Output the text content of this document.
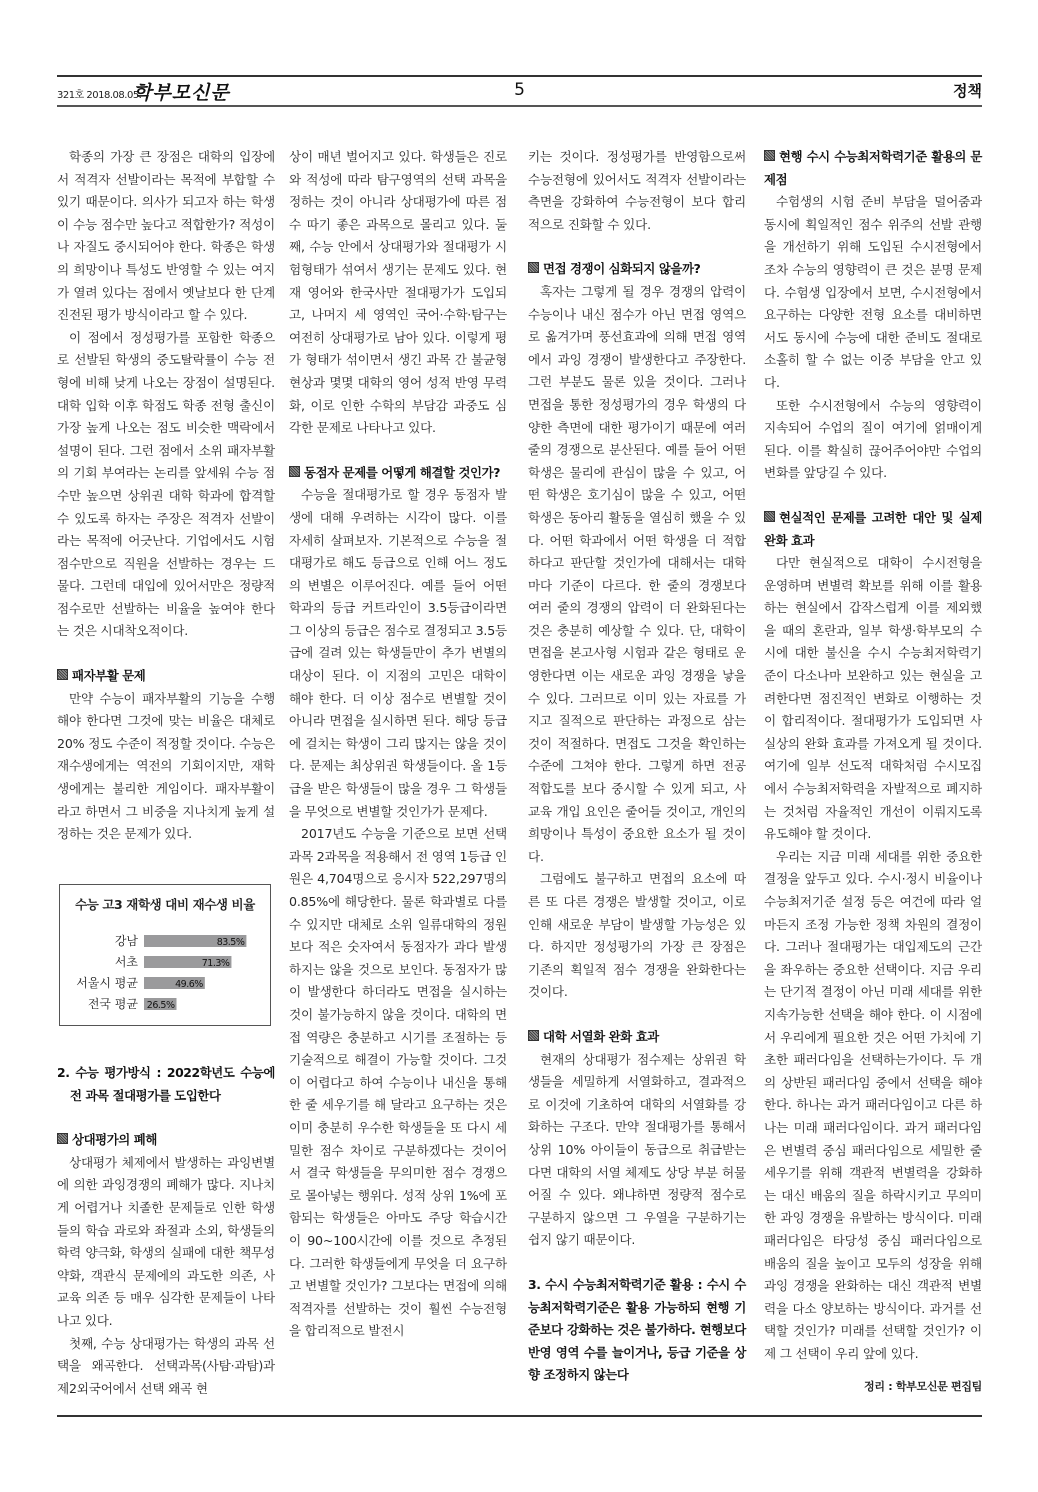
321호 2018.08.05.
학부모신문	5	정책

학종의 가장 큰 장점은 대학의 입장에서 적격자 선발이라는 목적에 부합할 수 있기 때문이다. 의사가 되고자 하는 학생이 수능 점수만 높다고 적합한가? 적성이나 자질도 중시되어야 한다. 학종은 학생의 희망이나 특성도 반영할 수 있는 여지가 열려 있다는 점에서 옛날보다 한 단계 진전된 평가 방식이라고 할 수 있다.

이 점에서 정성평가를 포함한 학종으로 선발된 학생의 중도탈락률이 수능 전형에 비해 낮게 나오는 장점이 설명된다. 대학 입학 이후 학점도 학종 전형 출신이 가장 높게 나오는 점도 비슷한 맥락에서 설명이 된다. 그런 점에서 소위 패자부활의 기회 부여라는 논리를 앞세워 수능 점수만 높으면 상위권 대학 학과에 합격할 수 있도록 하자는 주장은 적격자 선발이라는 목적에 어긋난다. 기업에서도 시험 점수만으로 직원을 선발하는 경우는 드물다. 그런데 대입에 있어서만은 정량적 점수로만 선발하는 비율을 높여야 한다는 것은 시대착오적이다.

패자부활 문제

만약 수능이 패자부활의 기능을 수행해야 한다면 그것에 맞는 비율은 대체로 20% 정도 수준이 적정할 것이다. 수능은 재수생에게는 역전의 기회이지만, 재학생에게는 불리한 게임이다. 패자부활이라고 하면서 그 비중을 지나치게 높게 설정하는 것은 문제가 있다.

강남	83.5%
서초	71.3%
서울시 평균	49.6%
전국 평균 26.5%
수능 고3 재학생 대비 재수생 비율

2. 수능 평가방식 : 2022학년도 수능에 전 과목 절대평가를 도입한다

상대평가의 폐해

상대평가 체제에서 발생하는 과잉변별에 의한 과잉경쟁의 폐해가 많다. 지나치게 어렵거나 치졸한 문제들로 인한 학생들의 학습 과로와 좌절과 소외, 학생들의 학력 양극화, 학생의 실패에 대한 책무성 약화, 객관식 문제에의 과도한 의존, 사교육 의존 등 매우 심각한 문제들이 나타나고 있다.

첫째, 수능 상대평가는 학생의 과목 선택을 왜곡한다. 선택과목(사탐·과탐)과 제2외국어에서 선택 왜곡 현

상이 매년 벌어지고 있다. 학생들은 진로와 적성에 따라 탐구영역의 선택 과목을 정하는 것이 아니라 상대평가에 따른 점수 따기 좋은 과목으로 몰리고 있다. 둘째, 수능 안에서 상대평가와 절대평가 시험형태가 섞여서 생기는 문제도 있다. 현재 영어와 한국사만 절대평가가 도입되고, 나머지 세 영역인 국어·수학·탐구는 여전히 상대평가로 남아 있다. 이렇게 평가 형태가 섞이면서 생긴 과목 간 불균형 현상과 몇몇 대학의 영어 성적 반영 무력화, 이로 인한 수학의 부담감 과중도 심각한 문제로 나타나고 있다.

동점자 문제를 어떻게 해결할 것인가?

수능을 절대평가로 할 경우 동점자 발생에 대해 우려하는 시각이 많다. 이를 자세히 살펴보자. 기본적으로 수능을 절대평가로 해도 등급으로 인해 어느 정도의 변별은 이루어진다. 예를 들어 어떤 학과의 등급 커트라인이 3.5등급이라면 그 이상의 등급은 점수로 결정되고 3.5등급에 걸려 있는 학생들만이 추가 변별의 대상이 된다. 이 지점의 고민은 대학이 해야 한다. 더 이상 점수로 변별할 것이 아니라 면접을 실시하면 된다. 해당 등급에 걸치는 학생이 그리 많지는 않을 것이다. 문제는 최상위권 학생들이다. 올 1등급을 받은 학생들이 많을 경우 그 학생들을 무엇으로 변별할 것인가가 문제다.

2017년도 수능을 기준으로 보면 선택과목 2과목을 적용해서 전 영역 1등급 인원은 4,704명으로 응시자 522,297명의 0.85%에 해당한다. 물론 학과별로 다를 수 있지만 대체로 소위 일류대학의 정원보다 적은 숫자여서 동점자가 과다 발생하지는 않을 것으로 보인다. 동점자가 많이 발생한다 하더라도 면접을 실시하는 것이 불가능하지 않을 것이다. 대학의 면접 역량은 충분하고 시기를 조절하는 등 기술적으로 해결이 가능할 것이다. 그것이 어렵다고 하여 수능이나 내신을 통해 한 줄 세우기를 해 달라고 요구하는 것은 이미 충분히 우수한 학생들을 또 다시 세밀한 점수 차이로 구분하겠다는 것이어서 결국 학생들을 무의미한 점수 경쟁으로 몰아넣는 행위다. 성적 상위 1%에 포함되는 학생들은 아마도 주당 학습시간이 90~100시간에 이를 것으로 추정된다. 그러한 학생들에게 무엇을 더 요구하고 변별할 것인가? 그보다는 면접에 의해 적격자를 선발하는 것이 훨씬 수능전형을 합리적으로 발전시

키는 것이다. 정성평가를 반영함으로써 수능전형에 있어서도 적격자 선발이라는 측면을 강화하여 수능전형이 보다 합리적으로 진화할 수 있다.

면접 경쟁이 심화되지 않을까?

혹자는 그렇게 될 경우 경쟁의 압력이 수능이나 내신 점수가 아닌 면접 영역으로 옮겨가며 풍선효과에 의해 면접 영역에서 과잉 경쟁이 발생한다고 주장한다. 그런 부분도 물론 있을 것이다. 그러나 면접을 통한 정성평가의 경우 학생의 다양한 측면에 대한 평가이기 때문에 여러 줄의 경쟁으로 분산된다. 예를 들어 어떤 학생은 물리에 관심이 많을 수 있고, 어떤 학생은 호기심이 많을 수 있고, 어떤 학생은 동아리 활동을 열심히 했을 수 있다. 어떤 학과에서 어떤 학생을 더 적합하다고 판단할 것인가에 대해서는 대학마다 기준이 다르다. 한 줄의 경쟁보다 여러 줄의 경쟁의 압력이 더 완화된다는 것은 충분히 예상할 수 있다. 단, 대학이 면접을 본고사형 시험과 같은 형태로 운영한다면 이는 새로운 과잉 경쟁을 낳을 수 있다. 그러므로 이미 있는 자료를 가지고 질적으로 판단하는 과정으로 삼는 것이 적절하다. 면접도 그것을 확인하는 수준에 그쳐야 한다. 그렇게 하면 전공 적합도를 보다 중시할 수 있게 되고, 사교육 개입 요인은 줄어들 것이고, 개인의 희망이나 특성이 중요한 요소가 될 것이다.

그럼에도 불구하고 면접의 요소에 따른 또 다른 경쟁은 발생할 것이고, 이로 인해 새로운 부담이 발생할 가능성은 있다. 하지만 정성평가의 가장 큰 장점은 기존의 획일적 점수 경쟁을 완화한다는 것이다.

대학 서열화 완화 효과

현재의 상대평가 점수제는 상위권 학생들을 세밀하게 서열화하고, 결과적으로 이것에 기초하여 대학의 서열화를 강화하는 구조다. 만약 절대평가를 통해서 상위 10% 아이들이 동급으로 취급받는다면 대학의 서열 체제도 상당 부분 허물어질 수 있다. 왜냐하면 정량적 점수로 구분하지 않으면 그 우열을 구분하기는 쉽지 않기 때문이다.

3. 수시 수능최저학력기준 활용 : 수시 수능최저학력기준은 활용 가능하되 현행 기준보다 강화하는 것은 불가하다. 현행보다 반영 영역 수를 늘이거나, 등급 기준을 상향 조정하지 않는다

현행 수시 수능최저학력기준 활용의 문제점

수험생의 시험 준비 부담을 덜어줌과 동시에 획일적인 점수 위주의 선발 관행을 개선하기 위해 도입된 수시전형에서조차 수능의 영향력이 큰 것은 분명 문제다. 수험생 입장에서 보면, 수시전형에서 요구하는 다양한 전형 요소를 대비하면서도 동시에 수능에 대한 준비도 절대로 소홀히 할 수 없는 이중 부담을 안고 있다.

또한 수시전형에서 수능의 영향력이 지속되어 수업의 질이 여기에 얽매이게 된다. 이를 확실히 끊어주어야만 수업의 변화를 앞당길 수 있다.

현실적인 문제를 고려한 대안 및 실제 완화 효과

다만 현실적으로 대학이 수시전형을 운영하며 변별력 확보를 위해 이를 활용하는 현실에서 갑작스럽게 이를 제외했을 때의 혼란과, 일부 학생·학부모의 수시에 대한 불신을 수시 수능최저학력기준이 다소나마 보완하고 있는 현실을 고려한다면 점진적인 변화로 이행하는 것이 합리적이다. 절대평가가 도입되면 사실상의 완화 효과를 가져오게 될 것이다. 여기에 일부 선도적 대학처럼 수시모집에서 수능최저학력을 자발적으로 폐지하는 것처럼 자율적인 개선이 이뤄지도록 유도해야 할 것이다.

우리는 지금 미래 세대를 위한 중요한 결정을 앞두고 있다. 수시·정시 비율이나 수능최저기준 설정 등은 여건에 따라 얼마든지 조정 가능한 정책 차원의 결정이다. 그러나 절대평가는 대입제도의 근간을 좌우하는 중요한 선택이다. 지금 우리는 단기적 결정이 아닌 미래 세대를 위한 지속가능한 선택을 해야 한다. 이 시점에서 우리에게 필요한 것은 어떤 가치에 기초한 패러다임을 선택하는가이다. 두 개의 상반된 패러다임 중에서 선택을 해야 한다. 하나는 과거 패러다임이고 다른 하나는 미래 패러다임이다. 과거 패러다임은 변별력 중심 패러다임으로 세밀한 줄 세우기를 위해 객관적 변별력을 강화하는 대신 배움의 질을 하락시키고 무의미한 과잉 경쟁을 유발하는 방식이다. 미래 패러다임은 타당성 중심 패러다임으로 배움의 질을 높이고 모두의 성장을 위해 과잉 경쟁을 완화하는 대신 객관적 변별력을 다소 양보하는 방식이다. 과거를 선택할 것인가? 미래를 선택할 것인가? 이제 그 선택이 우리 앞에 있다.

정리 : 학부모신문 편집팀
